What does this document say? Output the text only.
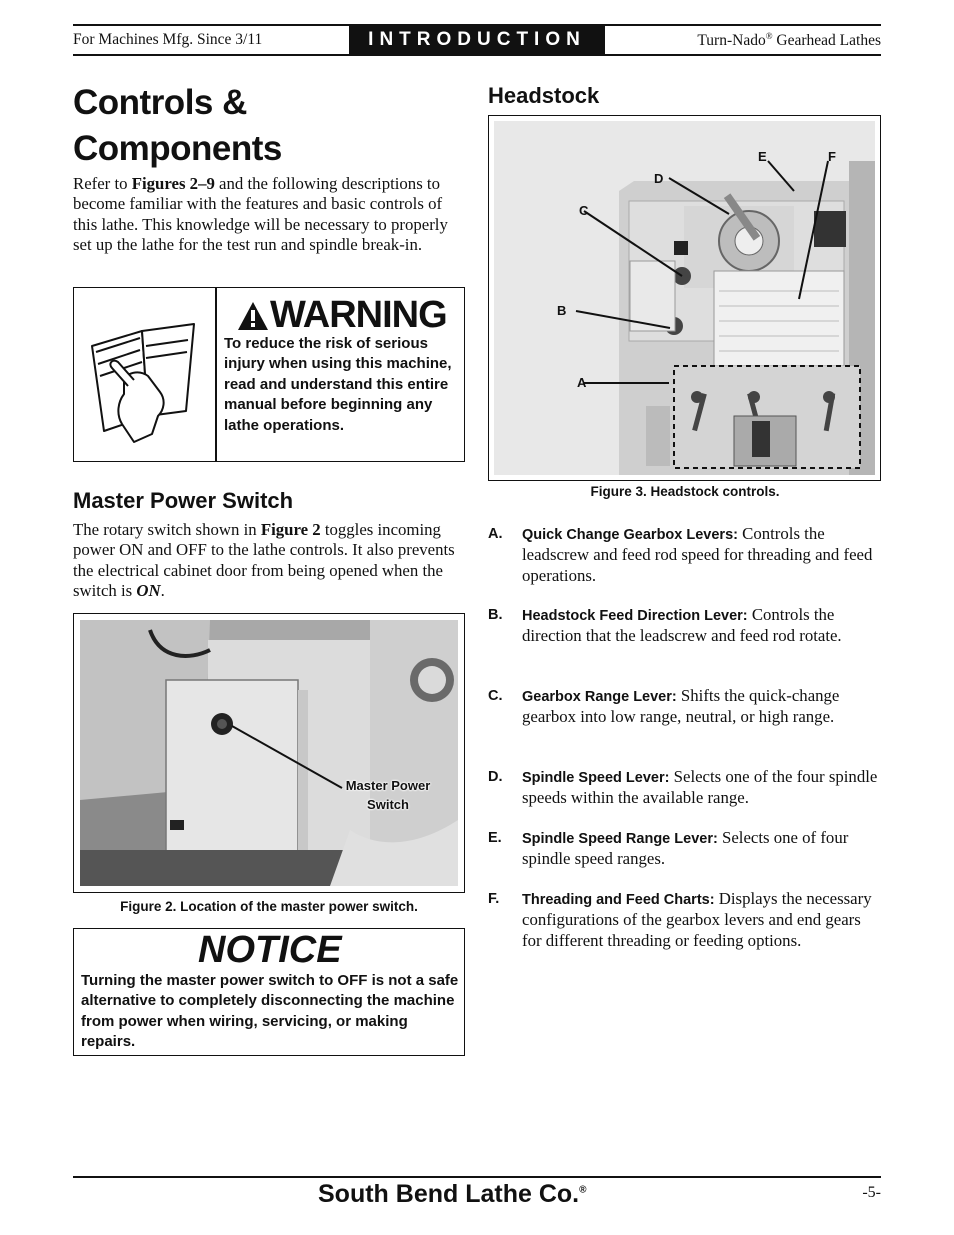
For Machines Mfg. Since 3/11	INTRODUCTION	Turn-Nado® Gearhead Lathes
Controls &
Components
Refer to Figures 2–9 and the following descriptions to become familiar with the features and basic controls of this lathe. This knowledge will be necessary to properly set up the lathe for the test run and spindle break-in.
WARNING
To reduce the risk of serious injury when using this machine, read and understand this entire manual before beginning any lathe operations.
Master Power Switch
The rotary switch shown in Figure 2 toggles incoming power ON and OFF to the lathe controls. It also prevents the electrical cabinet door from being opened when the switch is ON.
Master Power
Switch
Figure 2. Location of the master power switch.
NOTICE
Turning the master power switch to OFF is not a safe alternative to completely disconnecting the machine from power when wiring, servicing, or making repairs.
Headstock
A
B
C
D
E	F
Figure 3. Headstock controls.
A. Quick Change Gearbox Levers: Controls the leadscrew and feed rod speed for threading and feed operations.
B. Headstock Feed Direction Lever: Controls the direction that the leadscrew and feed rod rotate.
C. Gearbox Range Lever: Shifts the quick-change gearbox into low range, neutral, or high range.
D. Spindle Speed Lever: Selects one of the four spindle speeds within the available range.
E. Spindle Speed Range Lever: Selects one of four spindle speed ranges.
F. Threading and Feed Charts: Displays the necessary configurations of the gearbox levers and end gears for different threading or feeding options.
South Bend Lathe Co.®	-5-
